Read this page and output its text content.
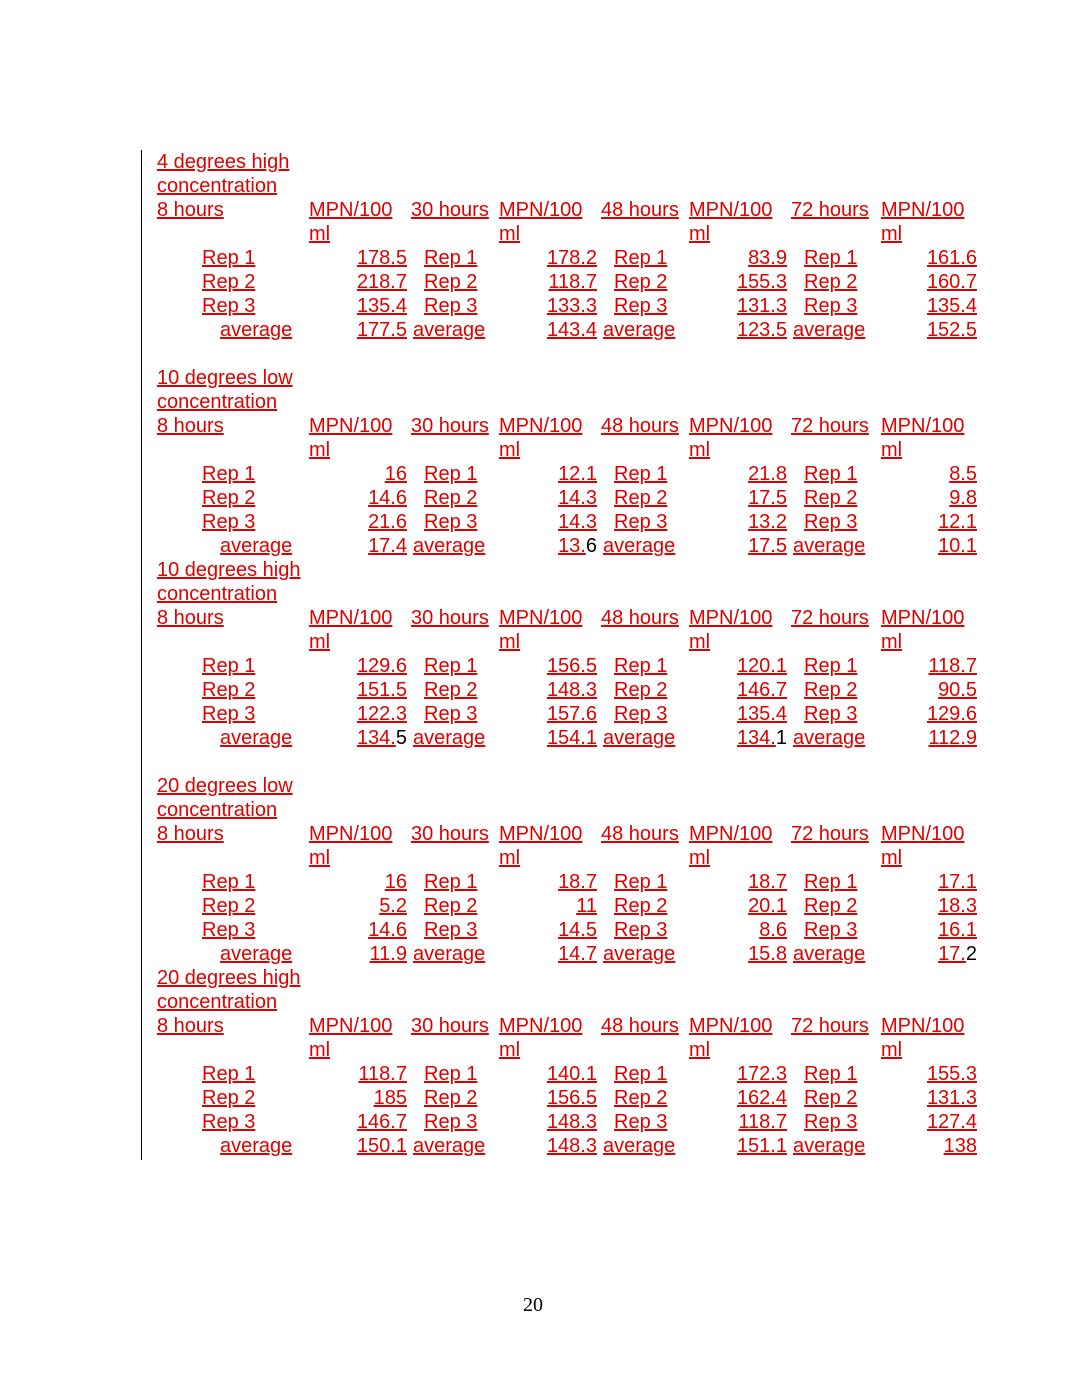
4 degrees high
concentration
8 hours	MPN/100 30 hours MPN/100 48 hours MPN/100 72 hours MPN/100
ml	ml	ml	ml
Rep 1	178.5 Rep 1	178.2 Rep 1	83.9 Rep 1	161.6
Rep 2	218.7 Rep 2	118.7 Rep 2	155.3 Rep 2	160.7
Rep 3	135.4 Rep 3	133.3 Rep 3	131.3 Rep 3	135.4
average	177.5 average	143.4 average	123.5 average	152.5
10 degrees low
concentration
8 hours	MPN/100 30 hours MPN/100 48 hours MPN/100 72 hours MPN/100
ml	ml	ml	ml
Rep 1	16 Rep 1	12.1 Rep 1	21.8 Rep 1	8.5
Rep 2	14.6 Rep 2	14.3 Rep 2	17.5 Rep 2	9.8
Rep 3	21.6 Rep 3	14.3 Rep 3	13.2 Rep 3	12.1
average	17.4 average	13.6 average	17.5 average	10.1
10 degrees high
concentration
8 hours	MPN/100 30 hours MPN/100 48 hours MPN/100 72 hours MPN/100
ml	ml	ml	ml
Rep 1	129.6 Rep 1	156.5 Rep 1	120.1 Rep 1	118.7
Rep 2	151.5 Rep 2	148.3 Rep 2	146.7 Rep 2	90.5
Rep 3	122.3 Rep 3	157.6 Rep 3	135.4 Rep 3	129.6
average	134.5 average	154.1 average	134.1 average	112.9
20 degrees low
concentration
8 hours	MPN/100 30 hours MPN/100 48 hours MPN/100 72 hours MPN/100
ml	ml	ml	ml
Rep 1	16 Rep 1	18.7 Rep 1	18.7 Rep 1	17.1
Rep 2	5.2 Rep 2	11 Rep 2	20.1 Rep 2	18.3
Rep 3	14.6 Rep 3	14.5 Rep 3	8.6 Rep 3	16.1
average	11.9 average	14.7 average	15.8 average	17.2
20 degrees high
concentration
8 hours	MPN/100 30 hours MPN/100 48 hours MPN/100 72 hours MPN/100
ml	ml	ml	ml
Rep 1	118.7 Rep 1	140.1 Rep 1	172.3 Rep 1	155.3
Rep 2	185 Rep 2	156.5 Rep 2	162.4 Rep 2	131.3
Rep 3	146.7 Rep 3	148.3 Rep 3	118.7 Rep 3	127.4
average	150.1 average	148.3 average	151.1 average	138
20
